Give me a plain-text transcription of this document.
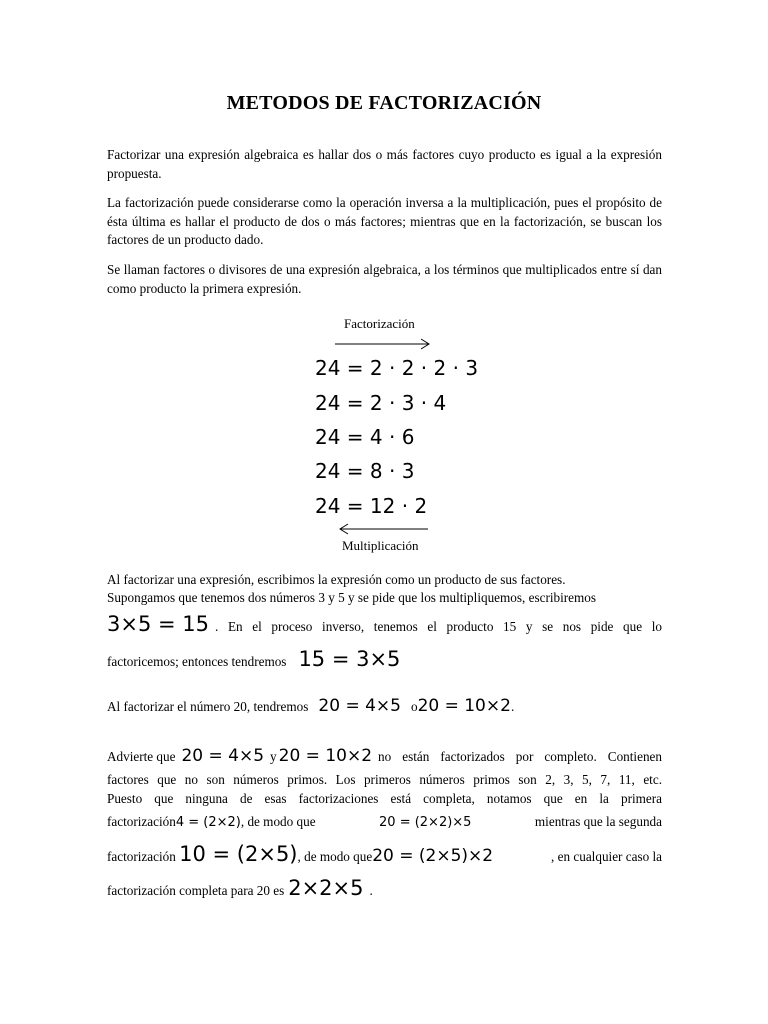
METODOS DE FACTORIZACIÓN

Factorizar una expresión algebraica es hallar dos o más factores cuyo producto es igual a la expresión propuesta.

La factorización puede considerarse como la operación inversa a la multiplicación, pues el propósito de ésta última es hallar el producto de dos o más factores; mientras que en la factorización, se buscan los factores de un producto dado.

Se llaman factores o divisores de una expresión algebraica, a los términos que multiplicados entre sí dan como producto la primera expresión.

Factorización
24 = 2 · 2 · 2 · 3
24 = 2 · 3 · 4
24 = 4 · 6
24 = 8 · 3
24 = 12 · 2
Multiplicación
Al factorizar una expresión, escribimos la expresión como un producto de sus factores.
Supongamos que tenemos dos números 3 y 5 y se pide que los multipliquemos, escribiremos
3×5 = 15 . En el proceso inverso, tenemos el producto 15 y se nos pide que lo
factoricemos; entonces tendremos 15 = 3×5
Al factorizar el número 20, tendremos 20 = 4×5 o 20 = 10×2 .
Advierte que 20 = 4×5 y 20 = 10×2 no están factorizados por completo. Contienen
factores que no son números primos. Los primeros números primos son 2, 3, 5, 7, 11, etc.
Puesto que ninguna de esas factorizaciones está completa, notamos que en la primera
factorización4 = (2×2), de modo que	20 = (2×2)×5	mientras que la segunda
factorización 10 = (2×5), de modo que20 = (2×5)×2	, en cualquier caso la
factorización completa para 20 es 2×2×5 .
